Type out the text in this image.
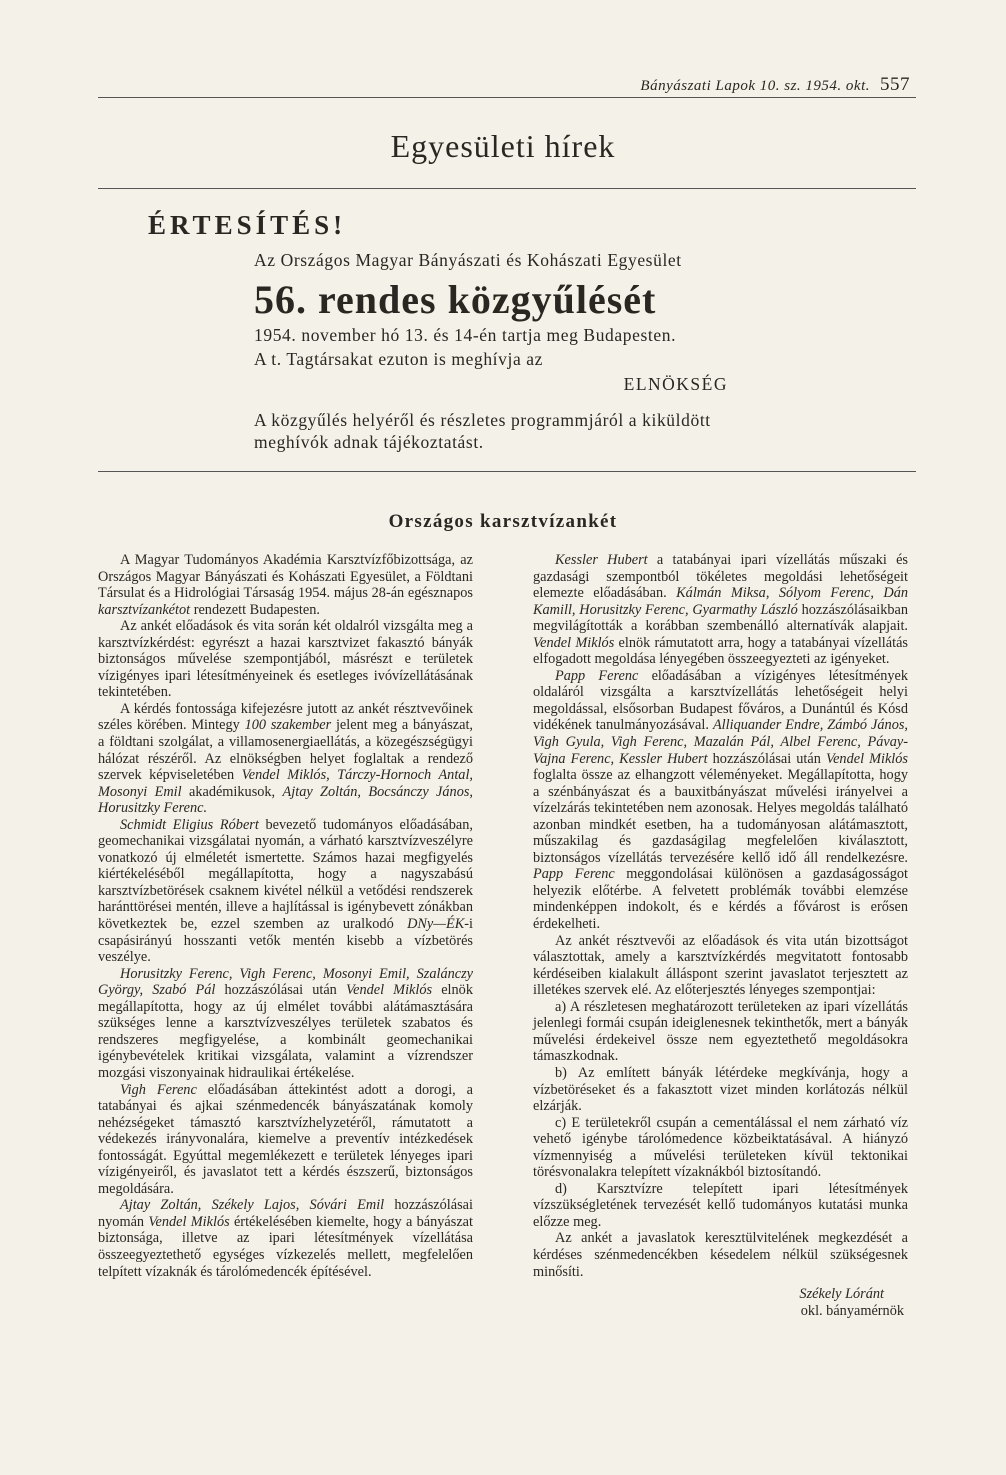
Bányászati Lapok 10. sz. 1954. okt. 557
Egyesületi hírek
ÉRTESÍTÉS!
Az Országos Magyar Bányászati és Kohászati Egyesület
56. rendes közgyűlését
1954. november hó 13. és 14-én tartja meg Budapesten.
A t. Tagtársakat ezuton is meghívja az
ELNÖKSÉG
A közgyűlés helyéről és részletes programmjáról a kiküldött
meghívók adnak tájékoztatást.
Országos karsztvízankét

A Magyar Tudományos Akadémia Karsztvízfőbizottsága, az Országos Magyar Bányászati és Kohászati Egyesület, a Földtani Társulat és a Hidrológiai Társaság 1954. május 28-án egésznapos karsztvízankétot rendezett Budapesten.

Az ankét előadások és vita során két oldalról vizsgálta meg a karsztvízkérdést: egyrészt a hazai karsztvizet fakasztó bányák biztonságos művelése szempontjából, másrészt e területek vízigényes ipari létesítményeinek és esetleges ivóvízellátásának tekintetében.

A kérdés fontossága kifejezésre jutott az ankét résztvevőinek széles körében. Mintegy 100 szakember jelent meg a bányászat, a földtani szolgálat, a villamosenergiaellátás, a közegészségügyi hálózat részéről. Az elnökségben helyet foglaltak a rendező szervek képviseletében Vendel Miklós, Tárczy-Hornoch Antal, Mosonyi Emil akadémikusok, Ajtay Zoltán, Bocsánczy János, Horusitzky Ferenc.

Schmidt Eligius Róbert bevezető tudományos előadásában, geomechanikai vizsgálatai nyomán, a várható karsztvízveszélyre vonatkozó új elméletét ismertette. Számos hazai megfigyelés kiértékeléséből megállapította, hogy a nagyszabású karsztvízbetörések csaknem kivétel nélkül a vetődési rendszerek haránttörései mentén, illeve a hajlítással is igénybevett zónákban következtek be, ezzel szemben az uralkodó DNy—ÉK-i csapásirányú hosszanti vetők mentén kisebb a vízbetörés veszélye.

Horusitzky Ferenc, Vigh Ferenc, Mosonyi Emil, Szalánczy György, Szabó Pál hozzászólásai után Vendel Miklós elnök megállapította, hogy az új elmélet további alátámasztására szükséges lenne a karsztvízveszélyes területek szabatos és rendszeres megfigyelése, a kombinált geomechanikai igénybevételek kritikai vizsgálata, valamint a vízrendszer mozgási viszonyainak hidraulikai értékelése.

Vigh Ferenc előadásában áttekintést adott a dorogi, a tatabányai és ajkai szénmedencék bányászatának komoly nehézségeket támasztó karsztvízhelyzetéről, rámutatott a védekezés irányvonalára, kiemelve a preventív intézkedések fontosságát. Egyúttal megemlékezett e területek lényeges ipari vízigényeiről, és javaslatot tett a kérdés észszerű, biztonságos megoldására.

Ajtay Zoltán, Székely Lajos, Sóvári Emil hozzászólásai nyomán Vendel Miklós értékelésében kiemelte, hogy a bányászat biztonsága, illetve az ipari létesítmények vízellátása összeegyeztethető egységes vízkezelés mellett, megfelelően telpített vízaknák és tárolómedencék építésével.

Kessler Hubert a tatabányai ipari vízellátás műszaki és gazdasági szempontból tökéletes megoldási lehetőségeit elemezte előadásában. Kálmán Miksa, Sólyom Ferenc, Dán Kamill, Horusitzky Ferenc, Gyarmathy László hozzászólásaikban megvilágították a korábban szembenálló alternatívák alapjait. Vendel Miklós elnök rámutatott arra, hogy a tatabányai vízellátás elfogadott megoldása lényegében összeegyezteti az igényeket.

Papp Ferenc előadásában a vízigényes létesítmények oldaláról vizsgálta a karsztvízellátás lehetőségeit helyi megoldással, elsősorban Budapest főváros, a Dunántúl és Kósd vidékének tanulmányozásával. Alliquander Endre, Zámbó János, Vigh Gyula, Vigh Ferenc, Mazalán Pál, Albel Ferenc, Pávay-Vajna Ferenc, Kessler Hubert hozzászólásai után Vendel Miklós foglalta össze az elhangzott véleményeket. Megállapította, hogy a szénbányászat és a bauxitbányászat művelési irányelvei a vízelzárás tekintetében nem azonosak. Helyes megoldás található azonban mindkét esetben, ha a tudományosan alátámasztott, műszakilag és gazdaságilag megfelelően kiválasztott, biztonságos vízellátás tervezésére kellő idő áll rendelkezésre. Papp Ferenc meggondolásai különösen a gazdaságosságot helyezik előtérbe. A felvetett problémák további elemzése mindenképpen indokolt, és e kérdés a fővárost is erősen érdekelheti.

Az ankét résztvevői az előadások és vita után bizottságot választottak, amely a karsztvízkérdés megvitatott fontosabb kérdéseiben kialakult álláspont szerint javaslatot terjesztett az illetékes szervek elé. Az előterjesztés lényeges szempontjai:

a) A részletesen meghatározott területeken az ipari vízellátás jelenlegi formái csupán ideiglenesnek tekinthetők, mert a bányák művelési érdekeivel össze nem egyeztethető megoldásokra támaszkodnak.

b) Az említett bányák létérdeke megkívánja, hogy a vízbetöréseket és a fakasztott vizet minden korlátozás nélkül elzárják.

c) E területekről csupán a cementálással el nem zárható víz vehető igénybe tárolómedence közbeiktatásával. A hiányzó vízmennyiség a művelési területeken kívül tektonikai törésvonalakra telepített vízaknákból biztosítandó.

d) Karsztvízre telepített ipari létesítmények vízszükségletének tervezését kellő tudományos kutatási munka előzze meg.

Az ankét a javaslatok keresztülvitelének megkezdését a kérdéses szénmedencékben késedelem nélkül szükségesnek minősíti.

Székely Lóránt
okl. bányamérnök
